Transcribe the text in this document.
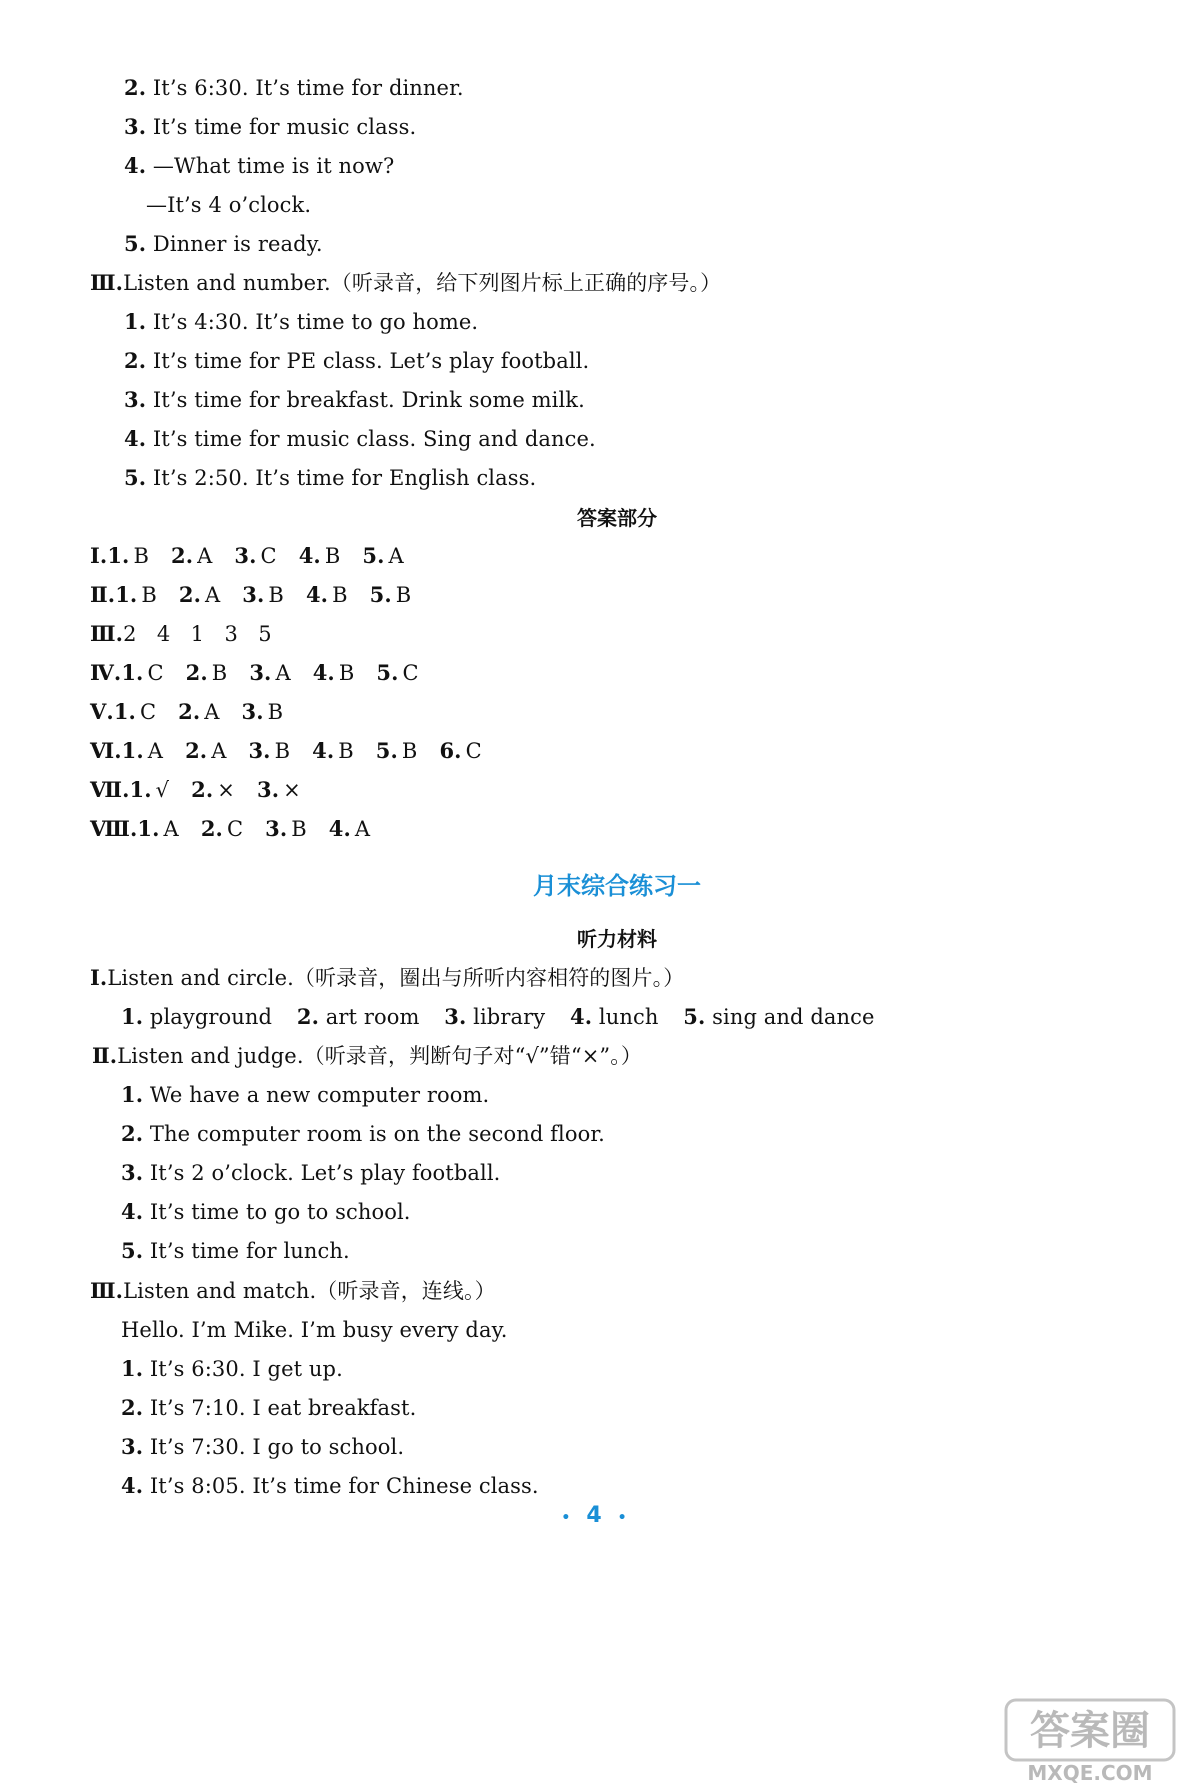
2. It’s 6:30. It’s time for dinner.
3. It’s time for music class.
4. —What time is it now?
—It’s 4 o’clock.
5. Dinner is ready.
Ⅲ.Listen and number.（听录音，给下列图片标上正确的序号。）
1. It’s 4:30. It’s time to go home.
2. It’s time for PE class. Let’s play football.
3. It’s time for breakfast. Drink some milk.
4. It’s time for music class. Sing and dance.
5. It’s 2:50. It’s time for English class.
答案部分
Ⅰ.1. B 2. A 3. C 4. B 5. A
Ⅱ.1. B 2. A 3. B 4. B 5. B
Ⅲ.2   4   1   3   5
Ⅳ.1. C 2. B 3. A 4. B 5. C
Ⅴ.1. C 2. A 3. B
Ⅵ.1. A 2. A 3. B 4. B 5. B 6. C
Ⅶ.1. √ 2. × 3. ×
Ⅷ.1. A 2. C 3. B 4. A
月末综合练习一
听力材料
Ⅰ.Listen and circle.（听录音，圈出与所听内容相符的图片。）
1. playground 2. art room 3. library 4. lunch 5. sing and dance
Ⅱ.Listen and judge.（听录音，判断句子对“√”错“×”。）
1. We have a new computer room.
2. The computer room is on the second floor.
3. It’s 2 o’clock. Let’s play football.
4. It’s time to go to school.
5. It’s time for lunch.
Ⅲ.Listen and match.（听录音，连线。）
Hello. I’m Mike. I’m busy every day.
1. It’s 6:30. I get up.
2. It’s 7:10. I eat breakfast.
3. It’s 7:30. I go to school.
4. It’s 8:05. It’s time for Chinese class.
• 4 •
答案圈
MXQE.COM
